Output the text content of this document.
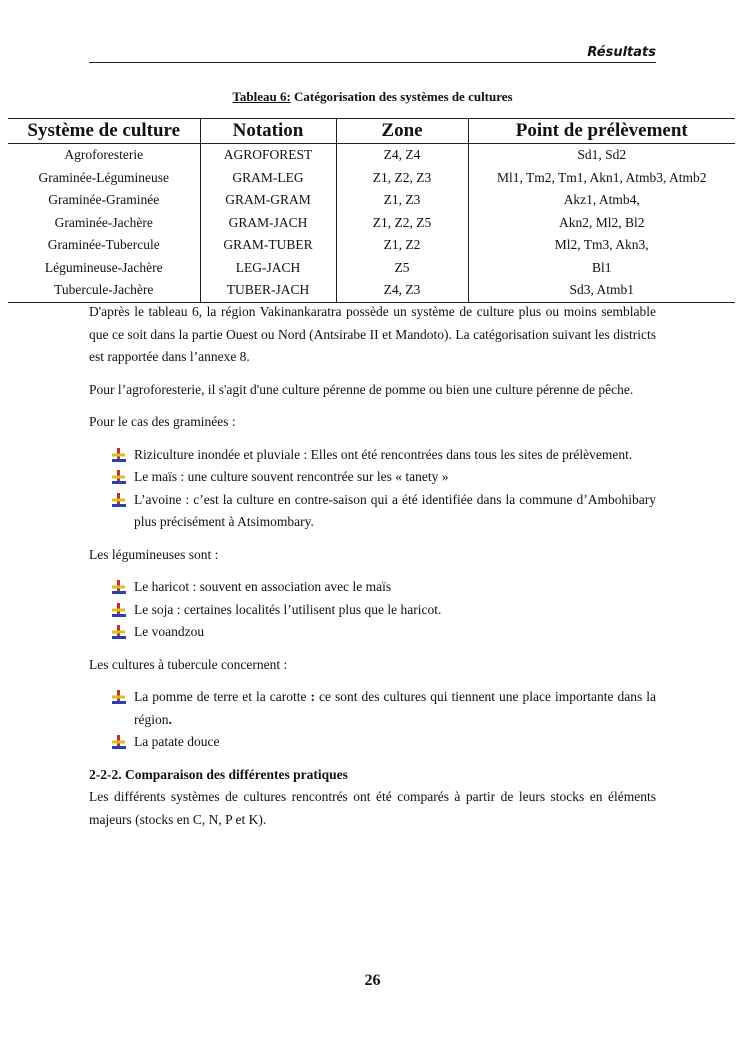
Résultats
Tableau 6: Catégorisation des systèmes de cultures
Système de culture	Notation	Zone	Point de prélèvement
Agroforesterie	AGROFOREST	Z4, Z4	Sd1, Sd2
Graminée-Légumineuse	GRAM-LEG	Z1, Z2, Z3	Ml1, Tm2, Tm1, Akn1, Atmb3, Atmb2
Graminée-Graminée	GRAM-GRAM	Z1, Z3	Akz1, Atmb4,
Graminée-Jachère	GRAM-JACH	Z1, Z2, Z5	Akn2, Ml2, Bl2
Graminée-Tubercule	GRAM-TUBER	Z1, Z2	Ml2, Tm3, Akn3,
Légumineuse-Jachère	LEG-JACH	Z5	Bl1
Tubercule-Jachère	TUBER-JACH	Z4, Z3	Sd3, Atmb1

D'après le tableau 6, la région Vakinankaratra possède un système de culture plus ou moins semblable que ce soit dans la partie Ouest ou Nord (Antsirabe II et Mandoto). La catégorisation suivant les districts est rapportée dans l’annexe 8.

Pour l’agroforesterie, il s'agit d'une culture pérenne de pomme ou bien une culture pérenne de pêche.

Pour le cas des graminées :

Riziculture inondée et pluviale : Elles ont été rencontrées dans tous les sites de prélèvement.
Le maïs : une culture souvent rencontrée sur les « tanety »
L’avoine : c’est la culture en contre-saison qui a été identifiée dans la commune d’Ambohibary plus précisément à Atsimombary.

Les légumineuses sont :

Le haricot : souvent en association avec le maïs
Le soja : certaines localités l’utilisent plus que le haricot.
Le voandzou

Les cultures à tubercule concernent :

La pomme de terre et la carotte : ce sont des cultures qui tiennent une place importante dans la région.
La patate douce

2-2-2. Comparaison des différentes pratiques

Les différents systèmes de cultures rencontrés ont été comparés à partir de leurs stocks en éléments majeurs (stocks en C, N, P et K).

26
